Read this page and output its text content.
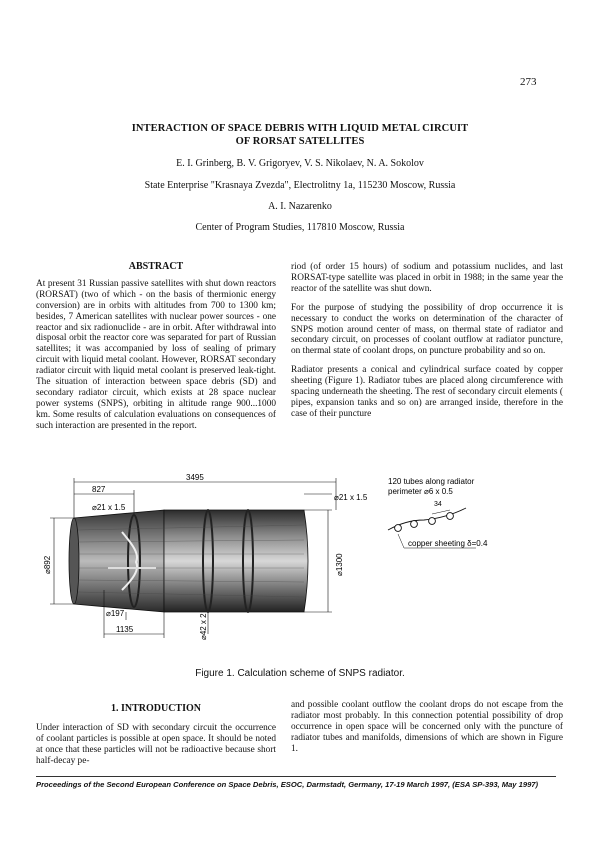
273
INTERACTION OF SPACE DEBRIS WITH LIQUID METAL CIRCUIT
OF RORSAT SATELLITES
E. I. Grinberg, B. V. Grigoryev, V. S. Nikolaev, N. A. Sokolov
State Enterprise "Krasnaya Zvezda", Electrolitny 1a, 115230 Moscow, Russia
A. I. Nazarenko
Center of Program Studies, 117810 Moscow, Russia
ABSTRACT

At present 31 Russian passive satellites with shut down reactors (RORSAT) (two of which - on the basis of thermionic energy conversion) are in orbits with altitudes from 700 to 1300 km; besides, 7 American satellites with nuclear power sources - one reactor and six radionuclide - are in orbit. After withdrawal into disposal orbit the reactor core was separated for part of Russian satellites; it was accompanied by loss of sealing of primary circuit with liquid metal coolant. However, RORSAT secondary radiator circuit with liquid metal coolant is preserved leak-tight. The situation of interaction between space debris (SD) and secondary radiator circuit, which exists at 28 space nuclear power systems (SNPS), orbiting in altitude range 900...1000 km. Some results of calculation evaluations on consequences of such interaction are presented in the report.

riod (of order 15 hours) of sodium and potassium nuclides, and last RORSAT-type satellite was placed in orbit in 1988; in the same year the reactor of the satellite was shut down.

For the purpose of studying the possibility of drop occurrence it is necessary to conduct the works on determination of the character of SNPS motion around center of mass, on thermal state of radiator and secondary circuit, on processes of coolant outflow at radiator puncture, on thermal state of coolant drops, on puncture probability and so on.

Radiator presents a conical and cylindrical surface coated by copper sheeting (Figure 1). Radiator tubes are placed along circumference with spacing underneath the sheeting. The rest of secondary circuit elements ( pipes, expansion tanks and so on) are arranged inside, therefore in the case of their puncture

3495
827
⌀21 x 1.5
⌀21 x 1.5
⌀892	⌀1300
⌀197	⌀42 x 2
1135
120 tubes along radiator
perimeter ⌀6 x 0.5
34
copper sheeting δ=0.4
Figure 1. Calculation scheme of SNPS radiator.
1. INTRODUCTION

Under interaction of SD with secondary circuit the occurrence of coolant particles is possible at open space. It should be noted at once that these particles will not be radioactive because short half-decay pe-

and possible coolant outflow the coolant drops do not escape from the radiator most probably. In this connection potential possibility of drop occurrence in open space will be concerned only with the puncture of radiator tubes and manifolds, dimensions of which are shown in Figure 1.

Proceedings of the Second European Conference on Space Debris, ESOC, Darmstadt, Germany, 17-19 March 1997, (ESA SP-393, May 1997)
